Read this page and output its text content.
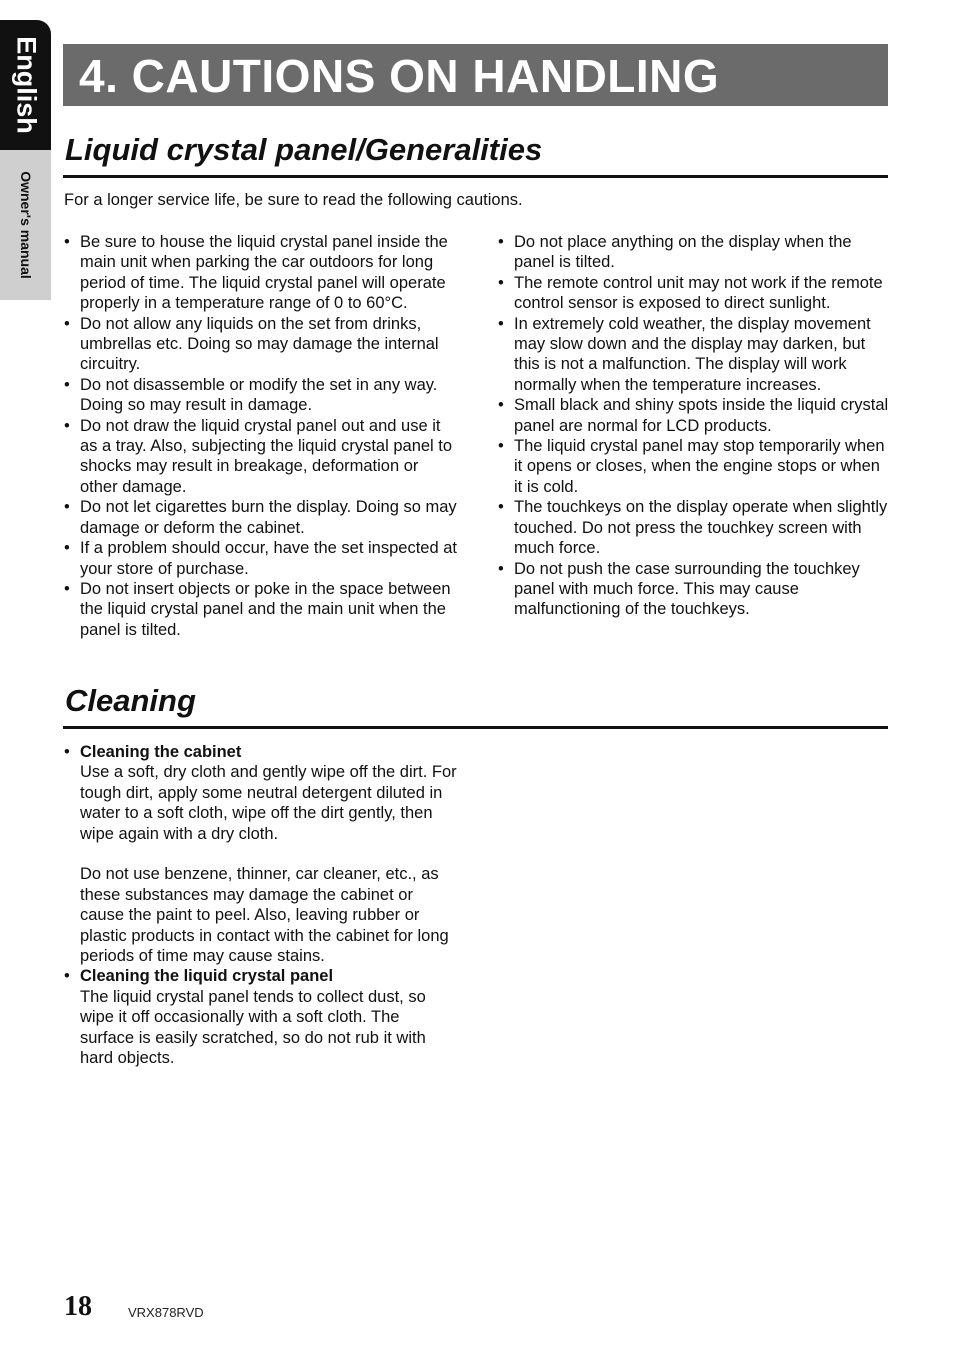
English
Owner's manual
4. CAUTIONS ON HANDLING
Liquid crystal panel/Generalities
For a longer service life, be sure to read the following cautions.
• Be sure to house the liquid crystal panel inside the main unit when parking the car outdoors for long period of time. The liquid crystal panel will operate properly in a temperature range of 0 to 60°C.
• Do not allow any liquids on the set from drinks, umbrellas etc. Doing so may damage the internal circuitry.
• Do not disassemble or modify the set in any way. Doing so may result in damage.
• Do not draw the liquid crystal panel out and use it as a tray. Also, subjecting the liquid crystal panel to shocks may result in breakage, deformation or other damage.
• Do not let cigarettes burn the display. Doing so may damage or deform the cabinet.
• If a problem should occur, have the set inspected at your store of purchase.
• Do not insert objects or poke in the space between the liquid crystal panel and the main unit when the panel is tilted.
• Do not place anything on the display when the panel is tilted.
• The remote control unit may not work if the remote control sensor is exposed to direct sunlight.
• In extremely cold weather, the display movement may slow down and the display may darken, but this is not a malfunction. The display will work normally when the temperature increases.
• Small black and shiny spots inside the liquid crystal panel are normal for LCD products.
• The liquid crystal panel may stop temporarily when it opens or closes, when the engine stops or when it is cold.
• The touchkeys on the display operate when slightly touched. Do not press the touchkey screen with much force.
• Do not push the case surrounding the touchkey panel with much force. This may cause malfunctioning of the touchkeys.
Cleaning
• Cleaning the cabinet
Use a soft, dry cloth and gently wipe off the dirt. For tough dirt, apply some neutral detergent diluted in water to a soft cloth, wipe off the dirt gently, then wipe again with a dry cloth.
Do not use benzene, thinner, car cleaner, etc., as these substances may damage the cabinet or cause the paint to peel. Also, leaving rubber or plastic products in contact with the cabinet for long periods of time may cause stains.
• Cleaning the liquid crystal panel
The liquid crystal panel tends to collect dust, so wipe it off occasionally with a soft cloth. The surface is easily scratched, so do not rub it with hard objects.
18	VRX878RVD
